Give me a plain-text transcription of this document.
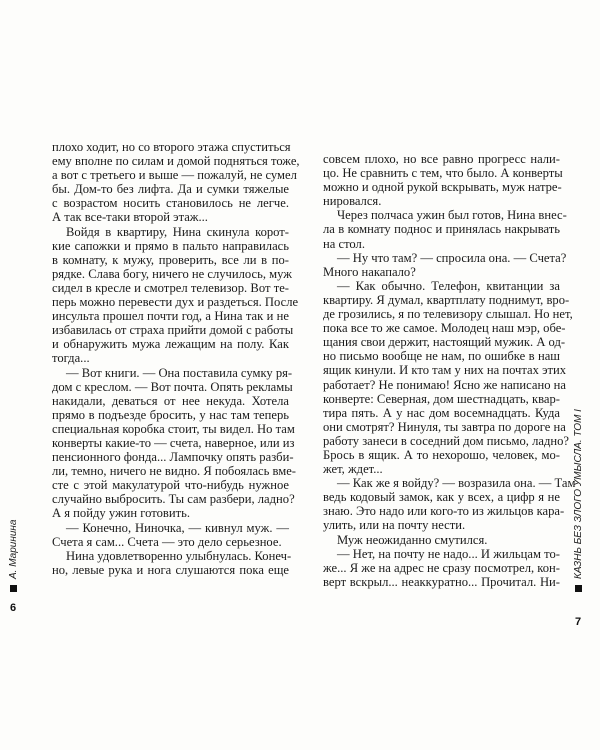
плохо ходит, но со второго этажа спуститься
ему вполне по силам и домой подняться тоже,
а вот с третьего и выше — пожалуй, не сумел
бы. Дом-то без лифта. Да и сумки тяжелые
с возрастом носить становилось не легче.
А так все-таки второй этаж...
Войдя в квартиру, Нина скинула корот-
кие сапожки и прямо в пальто направилась
в комнату, к мужу, проверить, все ли в по-
рядке. Слава богу, ничего не случилось, муж
сидел в кресле и смотрел телевизор. Вот те-
перь можно перевести дух и раздеться. После
инсульта прошел почти год, а Нина так и не
избавилась от страха прийти домой с работы
и обнаружить мужа лежащим на полу. Как
тогда...
— Вот книги. — Она поставила сумку ря-
дом с креслом. — Вот почта. Опять рекламы
накидали, деваться от нее некуда. Хотела
прямо в подъезде бросить, у нас там теперь
специальная коробка стоит, ты видел. Но там
конверты какие-то — счета, наверное, или из
пенсионного фонда... Лампочку опять разби-
ли, темно, ничего не видно. Я побоялась вме-
сте с этой макулатурой что-нибудь нужное
случайно выбросить. Ты сам разбери, ладно?
А я пойду ужин готовить.
— Конечно, Ниночка, — кивнул муж. —
Счета я сам... Счета — это дело серьезное.
Нина удовлетворенно улыбнулась. Конеч-
но, левые рука и нога слушаются пока еще
совсем плохо, но все равно прогресс нали-
цо. Не сравнить с тем, что было. А конверты
можно и одной рукой вскрывать, муж натре-
нировался.
Через полчаса ужин был готов, Нина внес-
ла в комнату поднос и принялась накрывать
на стол.
— Ну что там? — спросила она. — Счета?
Много накапало?
— Как обычно. Телефон, квитанции за
квартиру. Я думал, квартплату поднимут, вро-
де грозились, я по телевизору слышал. Но нет,
пока все то же самое. Молодец наш мэр, обе-
щания свои держит, настоящий мужик. А од-
но письмо вообще не нам, по ошибке в наш
ящик кинули. И кто там у них на почтах этих
работает? Не понимаю! Ясно же написано на
конверте: Северная, дом шестнадцать, квар-
тира пять. А у нас дом восемнадцать. Куда
они смотрят? Нинуля, ты завтра по дороге на
работу занеси в соседний дом письмо, ладно?
Брось в ящик. А то нехорошо, человек, мо-
жет, ждет...
— Как же я войду? — возразила она. — Там
ведь кодовый замок, как у всех, а цифр я не
знаю. Это надо или кого-то из жильцов кара-
улить, или на почту нести.
Муж неожиданно смутился.
— Нет, на почту не надо... И жильцам то-
же... Я же на адрес не сразу посмотрел, кон-
верт вскрыл... неаккуратно... Прочитал. Ни-
А. Маринина
6
КАЗНЬ БЕЗ ЗЛОГО УМЫСЛА. ТОМ I
7
